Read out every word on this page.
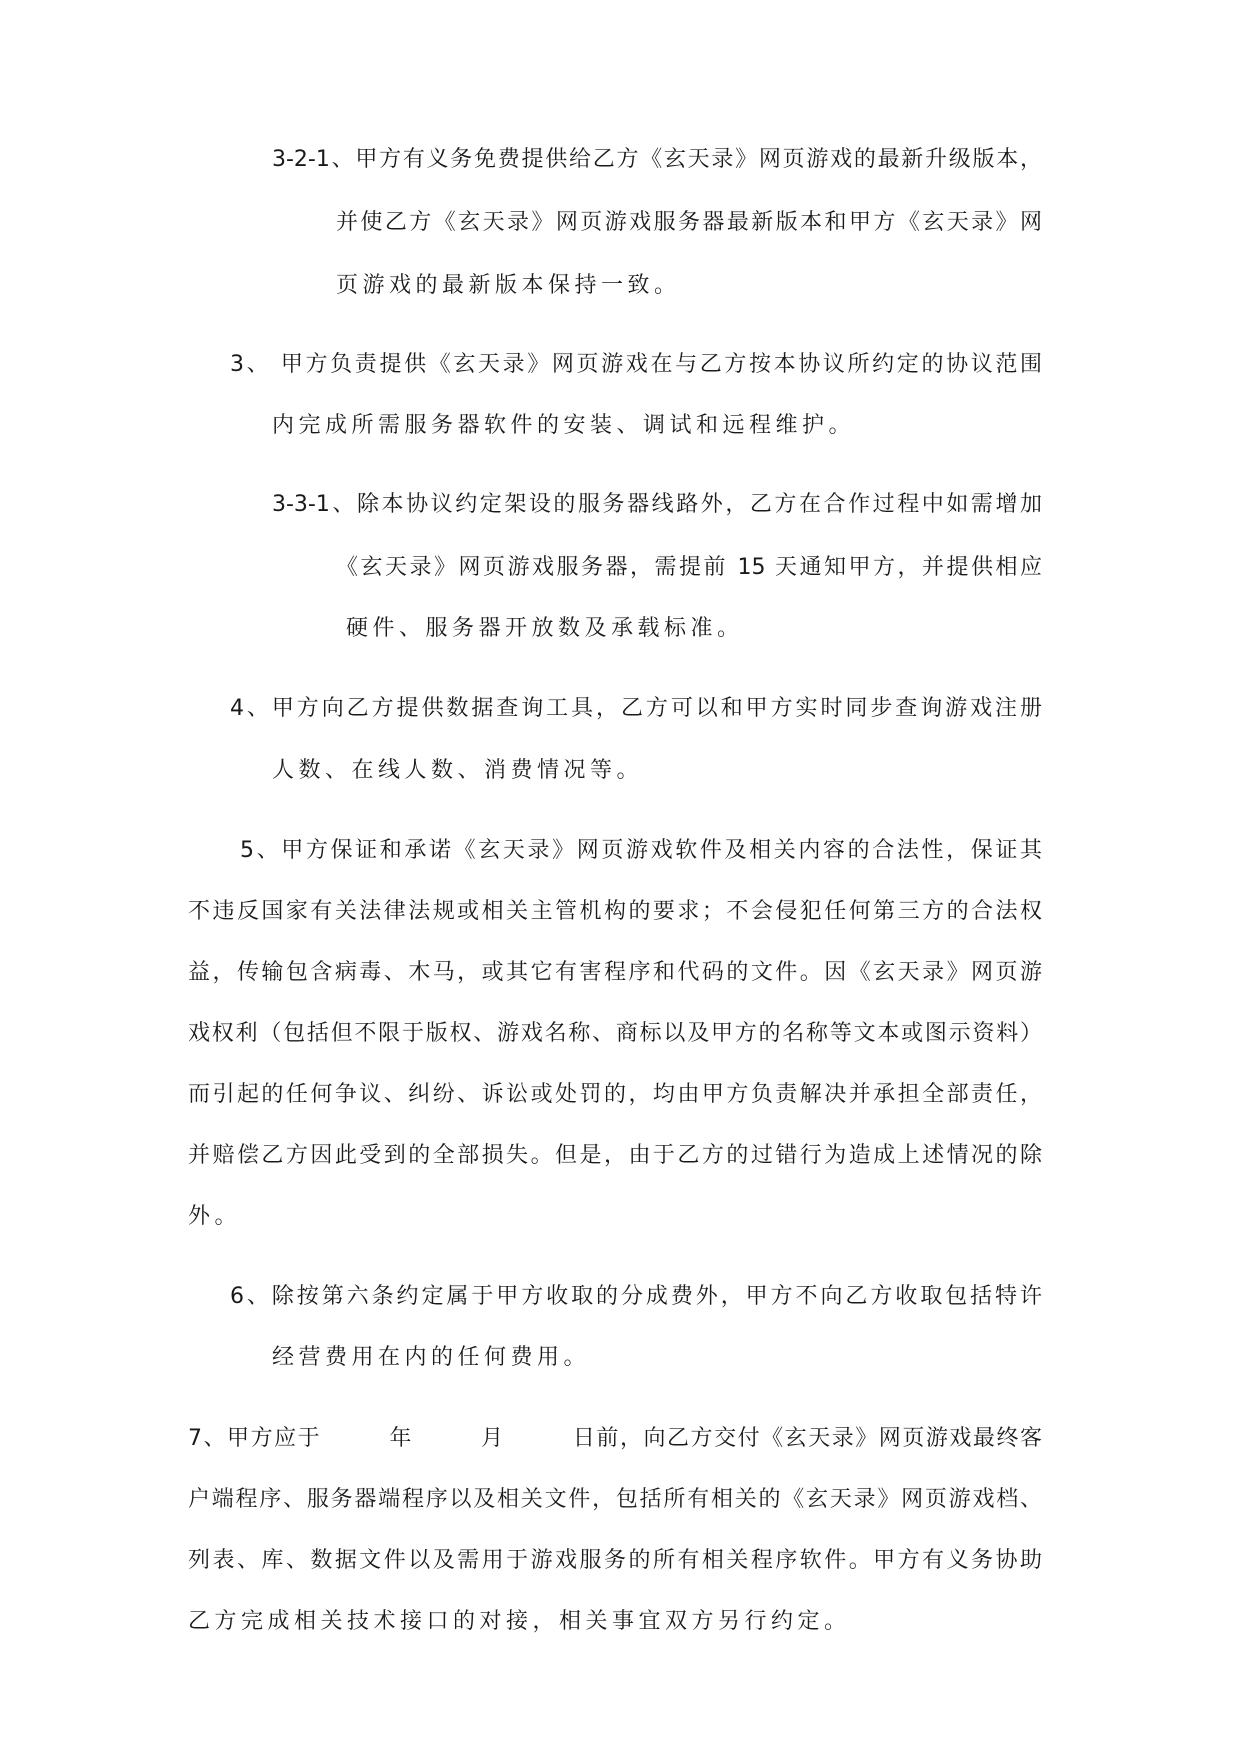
3-2-1、甲方有义务免费提供给乙方《玄天录》网页游戏的最新升级版本，
并使乙方《玄天录》网页游戏服务器最新版本和甲方《玄天录》网
页游戏的最新版本保持一致。
3、 甲方负责提供《玄天录》网页游戏在与乙方按本协议所约定的协议范围
内完成所需服务器软件的安装、调试和远程维护。
3-3-1、除本协议约定架设的服务器线路外，乙方在合作过程中如需增加
《玄天录》网页游戏服务器，需提前 15 天通知甲方，并提供相应
硬件、服务器开放数及承载标准。
4、甲方向乙方提供数据查询工具，乙方可以和甲方实时同步查询游戏注册
人数、在线人数、消费情况等。
5、甲方保证和承诺《玄天录》网页游戏软件及相关内容的合法性，保证其
不违反国家有关法律法规或相关主管机构的要求；不会侵犯任何第三方的合法权
益，传输包含病毒、木马，或其它有害程序和代码的文件。因《玄天录》网页游
戏权利（包括但不限于版权、游戏名称、商标以及甲方的名称等文本或图示资料）
而引起的任何争议、纠纷、诉讼或处罚的，均由甲方负责解决并承担全部责任，
并赔偿乙方因此受到的全部损失。但是，由于乙方的过错行为造成上述情况的除
外。
6、除按第六条约定属于甲方收取的分成费外，甲方不向乙方收取包括特许
经营费用在内的任何费用。
7、甲方应于        年        月        日前，向乙方交付《玄天录》网页游戏最终客
户端程序、服务器端程序以及相关文件，包括所有相关的《玄天录》网页游戏档、
列表、库、数据文件以及需用于游戏服务的所有相关程序软件。甲方有义务协助
乙方完成相关技术接口的对接，相关事宜双方另行约定。
